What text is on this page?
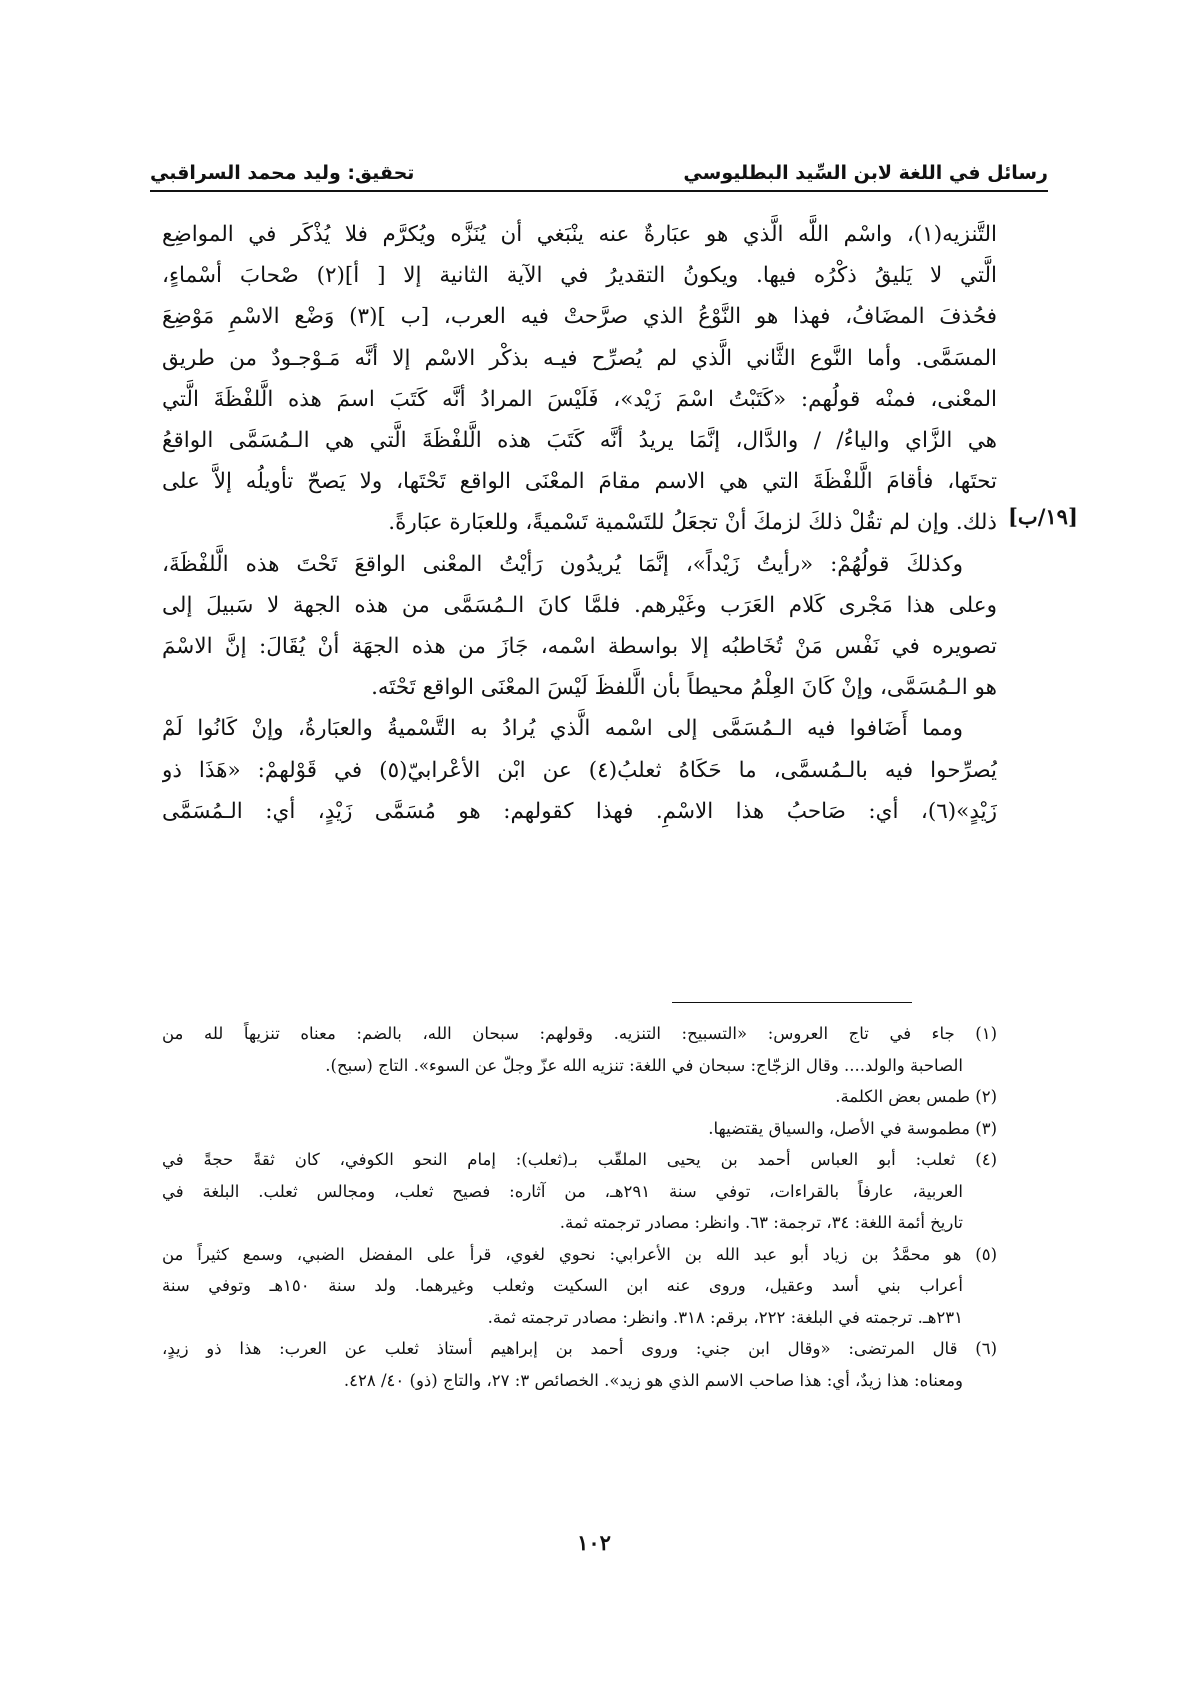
رسائل في اللغة لابن السِّيد البطليوسي
تحقيق: وليد محمد السراقبي
[١٩/ب]
التَّنزيه(١)، واسْم اللَّه الَّذي هو عبَارةٌ عنه ينْبَغي أن يُنَزَّه ويُكرَّم فلا يُذْكَر في المواضِع
الَّتي لا يَليقُ ذكْرُه فيها. ويكونُ التقديرُ في الآية الثانية إلا [ أ](٢) صْحابَ أسْماءٍ،
فحُذفَ المضَافُ، فهذا هو النَّوْعُ الذي صرَّحتْ فيه العرب، [ب ](٣) وَضْع الاسْمِ مَوْضِعَ
المسَمَّى. وأما النَّوع الثَّاني الَّذي لم يُصرِّح فيـه بذكْر الاسْم إلا أنَّه مَـوْجـودٌ من طريق
المعْنى، فمنْه قولُهم: «كَتَبْتُ اسْمَ زَيْد»، فَلَيْسَ المرادُ أنَّه كَتَبَ اسمَ هذه الَّلفْظَةَ الَّتي
هي الزَّاي والياءُ/ / والدَّال، إنَّمَا يريدُ أنَّه كَتَبَ هذه الَّلفْظَةَ الَّتي هي الـمُسَمَّى الواقعُ
تحتَها، فأقامَ الَّلفْظَةَ التي هي الاسم مقامَ المعْنَى الواقع تَحْتَها، ولا يَصحّ تأويلُه إلاَّ على
ذلك. وإن لم تقُلْ ذلكَ لزمكَ أنْ تجعَلُ للتَسْمية تَسْميةً، وللعبَارة عبَارةً.
وكذلكَ قولُهُمْ: «رأيتُ زَيْداً»، إنَّمَا يُريدُون رَأيْتُ المعْنى الواقعَ تَحْتَ هذه الَّلفْظَةَ،
وعلى هذا مَجْرى كَلام العَرَب وغَيْرهم. فلمَّا كانَ الـمُسَمَّى من هذه الجهة لا سَبيلَ إلى
تصويره في نَفْس مَنْ تُخَاطبُه إلا بواسطة اسْمه، جَازَ من هذه الجهَة أنْ يُقَالَ: إنَّ الاسْمَ
هو الـمُسَمَّى، وإنْ كَانَ العِلْمُ محيطاً بأن الَّلفظَ لَيْسَ المعْنَى الواقع تَحْتَه.
ومما أَضَافوا فيه الـمُسَمَّى إلى اسْمه الَّذي يُرادُ به التَّسْميةُ والعبَارةُ، وإنْ كَانُوا لَمْ
يُصرِّحوا فيه بالـمُسمَّى، ما حَكَاهُ ثعلبُ(٤) عن ابْن الأعْرابيّ(٥) في قَوْلهمْ: «هَذَا ذو
زَيْدٍ»(٦)، أي: صَاحبُ هذا الاسْمِ. فهذا كقولهم: هو مُسَمَّى زَيْدٍ، أي: الـمُسَمَّى
(١) جاء في تاج العروس: «التسبيح: التنزيه. وقولهم: سبحان الله، بالضم: معناه تنزيهاً لله من
الصاحبة والولد.... وقال الزجّاج: سبحان في اللغة: تنزيه الله عزّ وجلّ عن السوء». التاج (سبح).
(٢) طمس بعض الكلمة.
(٣) مطموسة في الأصل، والسياق يقتضيها.
(٤) ثعلب: أبو العباس أحمد بن يحيى الملقّب بـ(ثعلب): إمام النحو الكوفي، كان ثقةً حجةً في
العربية، عارفاً بالقراءات، توفي سنة ٢٩١هـ، من آثاره: فصيح ثعلب، ومجالس ثعلب. البلغة في
تاريخ أئمة اللغة: ٣٤، ترجمة: ٦٣. وانظر: مصادر ترجمته ثمة.
(٥) هو محمَّدُ بن زياد أبو عبد الله بن الأعرابي: نحوي لغوي، قرأ على المفضل الضبي، وسمع كثيراً من
أعراب بني أسد وعقيل، وروى عنه ابن السكيت وثعلب وغيرهما. ولد سنة ١٥٠هـ وتوفي سنة
٢٣١هـ. ترجمته في البلغة: ٢٢٢، برقم: ٣١٨. وانظر: مصادر ترجمته ثمة.
(٦) قال المرتضى: «وقال ابن جني: وروى أحمد بن إبراهيم أستاذ ثعلب عن العرب: هذا ذو زيدٍ،
ومعناه: هذا زيدٌ، أي: هذا صاحب الاسم الذي هو زيد». الخصائص ٣: ٢٧، والتاج (ذو) ٤٠/ ٤٢٨.
١٠٢
